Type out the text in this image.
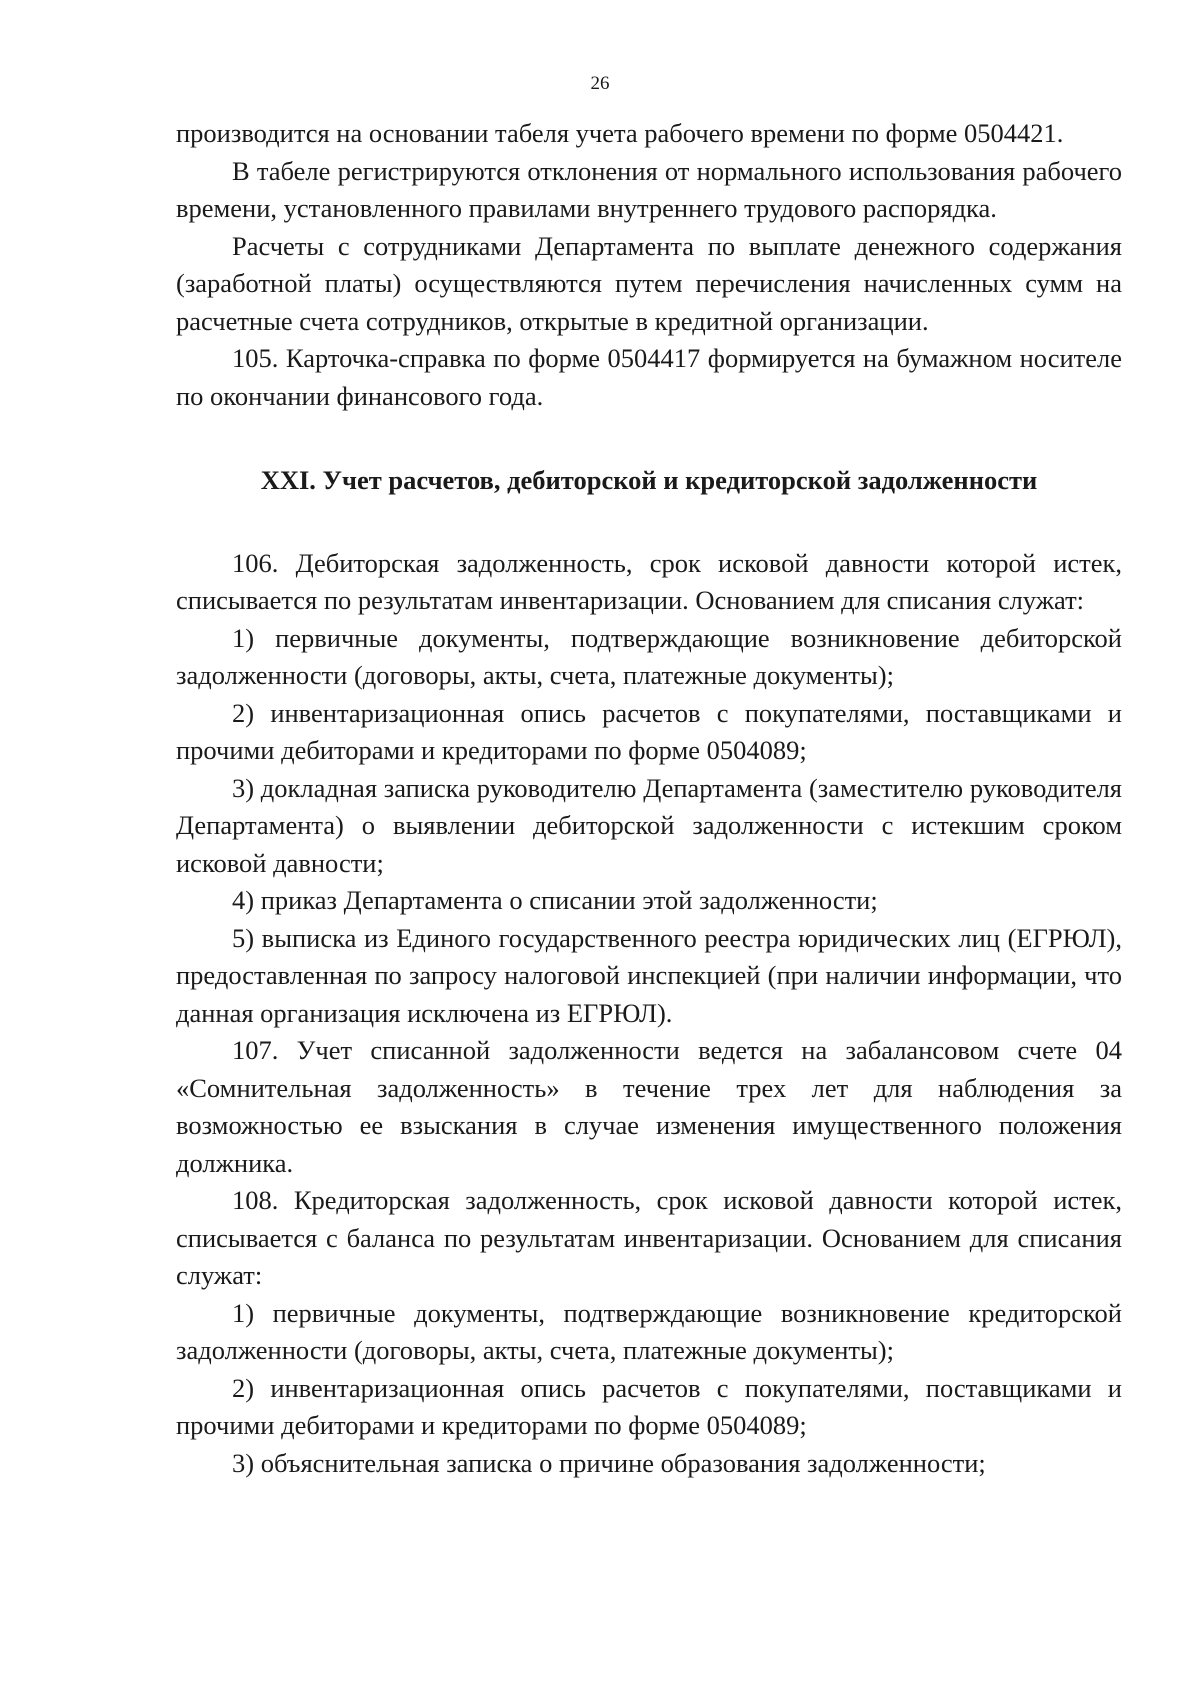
26

производится на основании табеля учета рабочего времени по форме 0504421.

В табеле регистрируются отклонения от нормального использования рабочего времени, установленного правилами внутреннего трудового распорядка.

Расчеты с сотрудниками Департамента по выплате денежного содержания (заработной платы) осуществляются путем перечисления начисленных сумм на расчетные счета сотрудников, открытые в кредитной организации.

105. Карточка-справка по форме 0504417 формируется на бумажном носителе по окончании финансового года.

XXI. Учет расчетов, дебиторской и кредиторской задолженности

106. Дебиторская задолженность, срок исковой давности которой истек, списывается по результатам инвентаризации. Основанием для списания служат:

1) первичные документы, подтверждающие возникновение дебиторской задолженности (договоры, акты, счета, платежные документы);

2) инвентаризационная опись расчетов с покупателями, поставщиками и прочими дебиторами и кредиторами по форме 0504089;

3) докладная записка руководителю Департамента (заместителю руководителя Департамента) о выявлении дебиторской задолженности с истекшим сроком исковой давности;

4) приказ Департамента о списании этой задолженности;

5) выписка из Единого государственного реестра юридических лиц (ЕГРЮЛ), предоставленная по запросу налоговой инспекцией (при наличии информации, что данная организация исключена из ЕГРЮЛ).

107. Учет списанной задолженности ведется на забалансовом счете 04 «Сомнительная задолженность» в течение трех лет для наблюдения за возможностью ее взыскания в случае изменения имущественного положения должника.

108. Кредиторская задолженность, срок исковой давности которой истек, списывается с баланса по результатам инвентаризации. Основанием для списания служат:

1) первичные документы, подтверждающие возникновение кредиторской задолженности (договоры, акты, счета, платежные документы);

2) инвентаризационная опись расчетов с покупателями, поставщиками и прочими дебиторами и кредиторами по форме 0504089;

3) объяснительная записка о причине образования задолженности;
